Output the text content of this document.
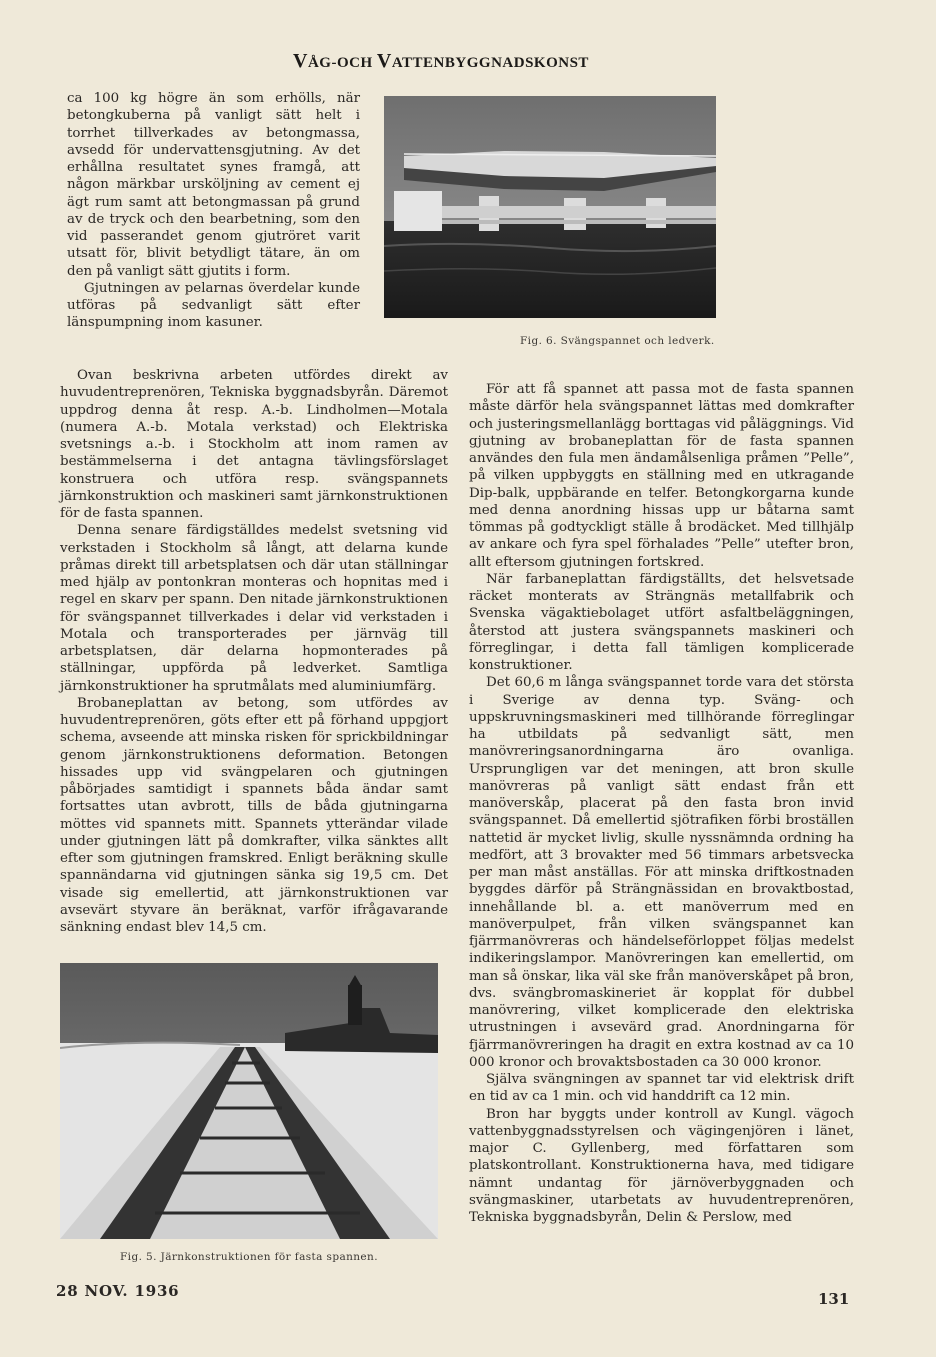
VÅG-OCH VATTENBYGGNADSKONST

ca 100 kg högre än som erhölls, när betongkuberna på vanligt sätt helt i torrhet tillverkades av betongmassa, avsedd för undervattensgjutning. Av det erhållna resultatet synes framgå, att någon märkbar ursköljning av cement ej ägt rum samt att betongmassan på grund av de tryck och den bearbetning, som den vid passerandet genom gjutröret varit utsatt för, blivit betydligt tätare, än om den på vanligt sätt gjutits i form.

Gjutningen av pelarnas överdelar kunde utföras på sedvanligt sätt efter länspumpning inom kasuner.

Fig. 6. Svängspannet och ledverk.

Ovan beskrivna arbeten utfördes direkt av huvudentreprenören, Tekniska byggnadsbyrån. Däremot uppdrog denna åt resp. A.-b. Lindholmen—Motala (numera A.-b. Motala verkstad) och Elektriska svetsnings a.-b. i Stockholm att inom ramen av bestämmelserna i det antagna tävlingsförslaget konstruera och utföra resp. svängspannets järnkonstruktion och maskineri samt järnkonstruktionen för de fasta spannen.

Denna senare färdigställdes medelst svetsning vid verkstaden i Stockholm så långt, att delarna kunde pråmas direkt till arbetsplatsen och där utan ställningar med hjälp av pontonkran monteras och hopnitas med i regel en skarv per spann. Den nitade järnkonstruktionen för svängspannet tillverkades i delar vid verkstaden i Motala och transporterades per järnväg till arbetsplatsen, där delarna hopmonterades på ställningar, uppförda på ledverket. Samtliga järnkonstruktioner ha sprutmålats med aluminiumfärg.

Brobaneplattan av betong, som utfördes av huvudentreprenören, göts efter ett på förhand uppgjort schema, avseende att minska risken för sprickbildningar genom järnkonstruktionens deformation. Betongen hissades upp vid svängpelaren och gjutningen påbörjades samtidigt i spannets båda ändar samt fortsattes utan avbrott, tills de båda gjutningarna möttes vid spannets mitt. Spannets ytterändar vilade under gjutningen lätt på domkrafter, vilka sänktes allt efter som gjutningen framskred. Enligt beräkning skulle spannändarna vid gjutningen sänka sig 19,5 cm. Det visade sig emellertid, att järnkonstruktionen var avsevärt styvare än beräknat, varför ifrågavarande sänkning endast blev 14,5 cm.

För att få spannet att passa mot de fasta spannen måste därför hela svängspannet lättas med domkrafter och justeringsmellanlägg borttagas vid påläggnings. Vid gjutning av brobaneplattan för de fasta spannen användes den fula men ändamålsenliga pråmen ”Pelle”, på vilken uppbyggts en ställning med en utkragande Dip-balk, uppbärande en telfer. Betongkorgarna kunde med denna anordning hissas upp ur båtarna samt tömmas på godtyckligt ställe å brodäcket. Med tillhjälp av ankare och fyra spel förhalades ”Pelle” utefter bron, allt eftersom gjutningen fortskred.

När farbaneplattan färdigställts, det helsvetsade räcket monterats av Strängnäs metallfabrik och Svenska vägaktiebolaget utfört asfaltbeläggningen, återstod att justera svängspannets maskineri och förreglingar, i detta fall tämligen komplicerade konstruktioner.

Det 60,6 m långa svängspannet torde vara det största i Sverige av denna typ. Sväng- och uppskruvningsmaskineri med tillhörande förreglingar ha utbildats på sedvanligt sätt, men manövreringsanordningarna äro ovanliga. Ursprungligen var det meningen, att bron skulle manövreras på vanligt sätt endast från ett manöverskåp, placerat på den fasta bron invid svängspannet. Då emellertid sjötrafiken förbi broställen nattetid är mycket livlig, skulle nyssnämnda ordning ha medfört, att 3 brovakter med 56 timmars arbetsvecka per man måst anställas. För att minska driftkostnaden byggdes därför på Strängnässidan en brovaktbostad, innehållande bl. a. ett manöverrum med en manöverpulpet, från vilken svängspannet kan fjärrmanövreras och händelseförloppet följas medelst indikeringslampor. Manövreringen kan emellertid, om man så önskar, lika väl ske från manöverskåpet på bron, dvs. svängbromaskineriet är kopplat för dubbel manövrering, vilket komplicerade den elektriska utrustningen i avsevärd grad. Anordningarna för fjärrmanövreringen ha dragit en extra kostnad av ca 10 000 kronor och brovaktsbostaden ca 30 000 kronor.

Själva svängningen av spannet tar vid elektrisk drift en tid av ca 1 min. och vid handdrift ca 12 min.

Bron har byggts under kontroll av Kungl. vägoch vattenbyggnadsstyrelsen och vägingenjören i länet, major C. Gyllenberg, med författaren som platskontrollant. Konstruktionerna hava, med tidigare nämnt undantag för järnöverbyggnaden och svängmaskiner, utarbetats av huvudentreprenören, Tekniska byggnadsbyrån, Delin & Perslow, med

Fig. 5. Järnkonstruktionen för fasta spannen.
28 NOV. 1936	131
